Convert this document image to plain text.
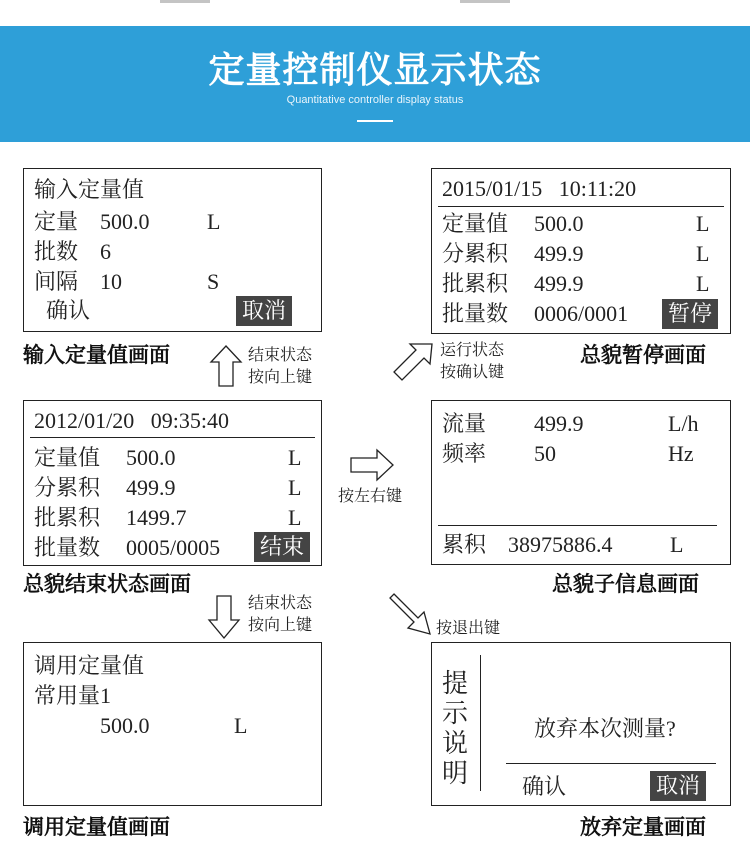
定量控制仪显示状态
Quantitative controller display status
输入定量值
定量 500.0	L
批数 6
间隔 10	S
确认	取消
输入定量值画面	结束状态
按向上键
2015/01/15   10:11:20
定量值 500.0	L
分累积 499.9	L
批累积 499.9	L
批量数 0006/0001 暂停
总貌暂停画面
运行状态
按确认键
2012/01/20   09:35:40
定量值 500.0	L
分累积 499.9	L
批累积 1499.7	L
批量数 0005/0005 结束
总貌结束状态画面
按左右键
流量 499.9	L/h
频率 50	Hz
累积 38975886.4	L
总貌子信息画面
结束状态
按向上键	按退出键
调用定量值
常用量1
500.0	L
调用定量值画面
提
示
说
明
放弃本次测量?
确认	取消
放弃定量画面
